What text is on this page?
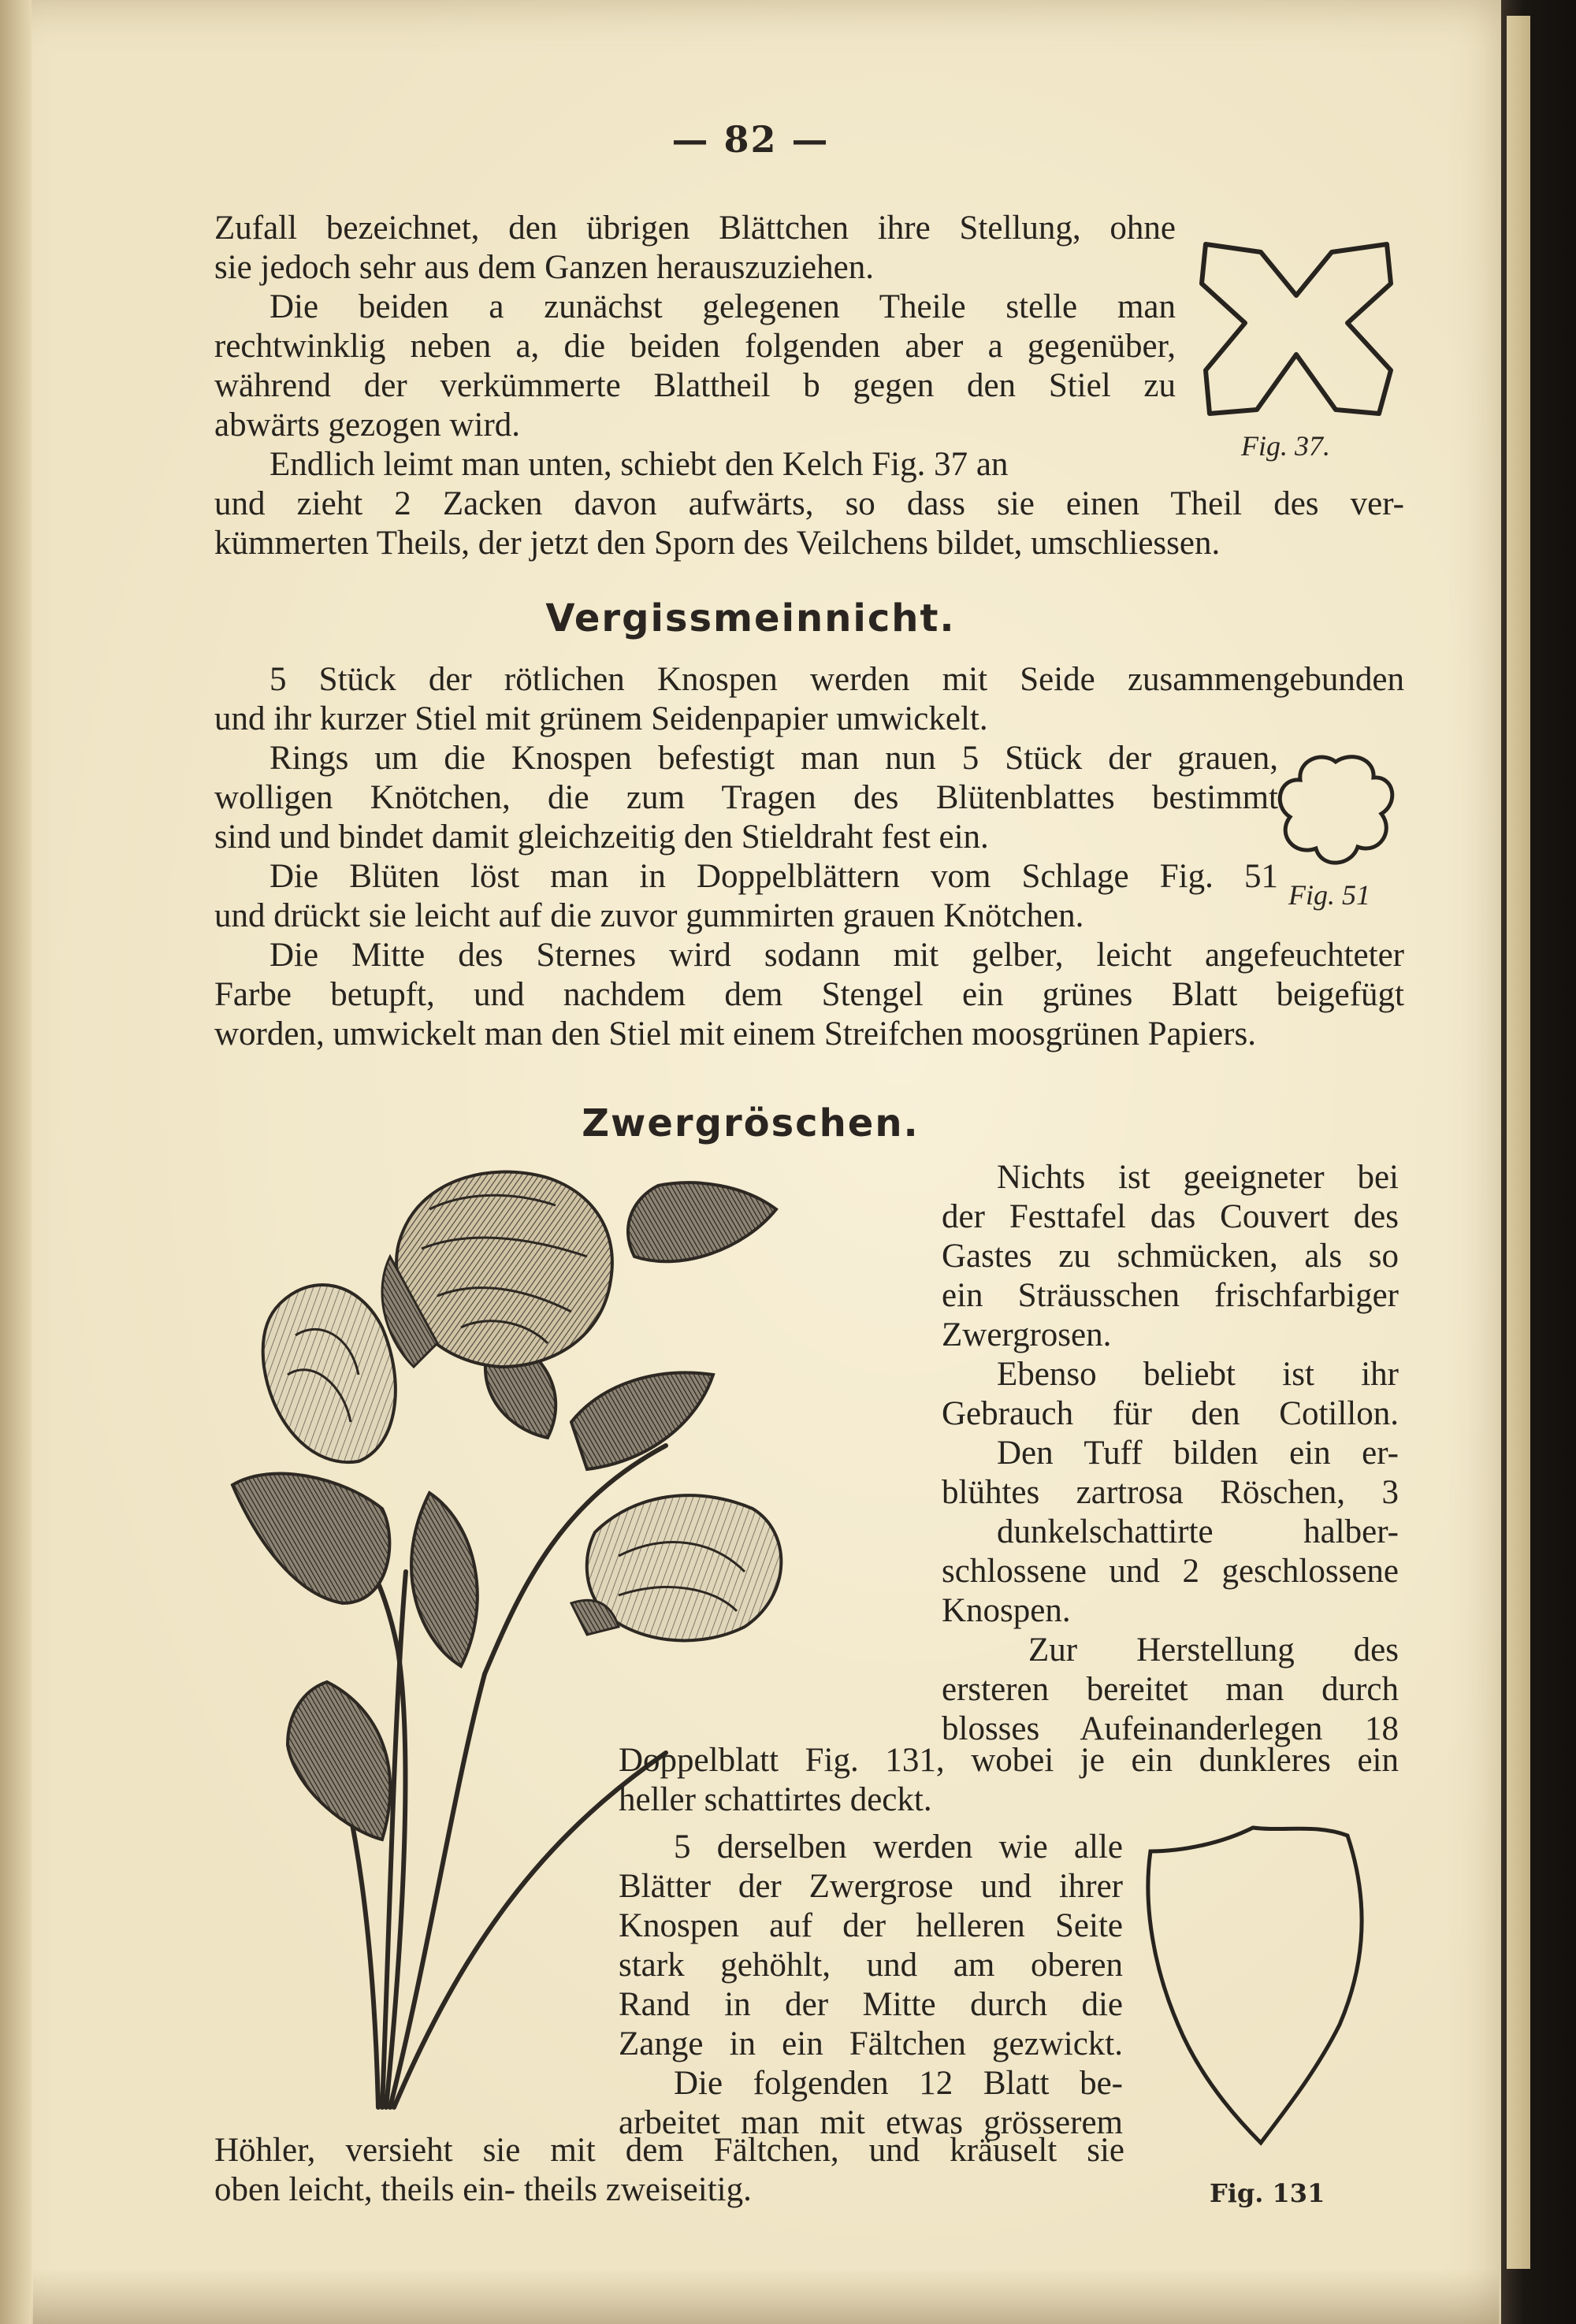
— 82 —
Zufall bezeichnet, den übrigen Blättchen ihre Stellung, ohne
sie jedoch sehr aus dem Ganzen herauszuziehen.
Die beiden a zunächst gelegenen Theile stelle man
rechtwinklig neben a, die beiden folgenden aber a gegenüber,
während der verkümmerte Blattheil b gegen den Stiel zu
abwärts gezogen wird.
Endlich leimt man unten, schiebt den Kelch Fig. 37 an
und zieht 2 Zacken davon aufwärts, so dass sie einen Theil des ver-
kümmerten Theils, der jetzt den Sporn des Veilchens bildet, umschliessen.
Fig. 37.
Vergissmeinnicht.
5 Stück der rötlichen Knospen werden mit Seide zusammengebunden
und ihr kurzer Stiel mit grünem Seidenpapier umwickelt.
Rings um die Knospen befestigt man nun 5 Stück der grauen,
wolligen Knötchen, die zum Tragen des Blütenblattes bestimmt
sind und bindet damit gleichzeitig den Stieldraht fest ein.
Die Blüten löst man in Doppelblättern vom Schlage Fig. 51
und drückt sie leicht auf die zuvor gummirten grauen Knötchen.
Die Mitte des Sternes wird sodann mit gelber, leicht angefeuchteter
Farbe betupft, und nachdem dem Stengel ein grünes Blatt beigefügt
worden, umwickelt man den Stiel mit einem Streifchen moosgrünen Papiers.
Fig. 51
Zwergröschen.
Nichts ist geeigneter bei
der Festtafel das Couvert des
Gastes zu schmücken, als so
ein Sträusschen frischfarbiger
Zwergrosen.
Ebenso beliebt ist ihr
Gebrauch für den Cotillon.
Den Tuff bilden ein er-
blühtes zartrosa Röschen, 3
dunkelschattirte halber-
schlossene und 2 geschlossene
Knospen.
Zur Herstellung des
ersteren bereitet man durch
blosses Aufeinanderlegen 18
Doppelblatt Fig. 131, wobei je ein dunkleres ein
heller schattirtes deckt.
5 derselben werden wie alle
Blätter der Zwergrose und ihrer
Knospen auf der helleren Seite
stark gehöhlt, und am oberen
Rand in der Mitte durch die
Zange in ein Fältchen gezwickt.
Die folgenden 12 Blatt be-
arbeitet man mit etwas grösserem
Höhler, versieht sie mit dem Fältchen, und kräuselt sie
oben leicht, theils ein- theils zweiseitig.	Fig. 131
